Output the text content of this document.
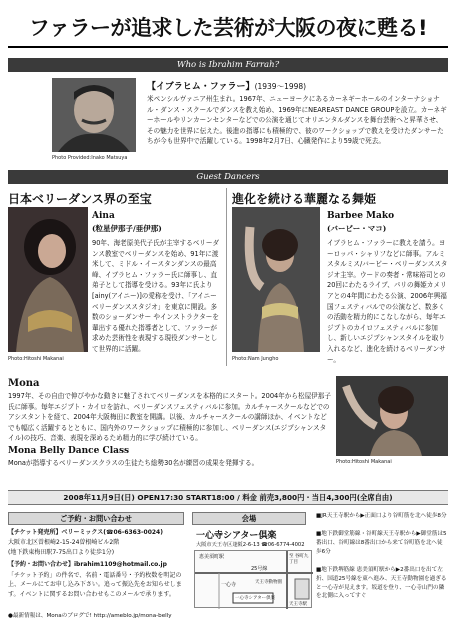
ファラーが追求した芸術が大阪の夜に甦る!
Who is Ibrahim Farrah?
Photo Provided:Inako Matsuya
【イブラヒム・ファラー】(1939〜1998)
米ペンシルヴァニア州生まれ。1967年、ニューヨークにあるカーネギーホールのインターナショナル・ダンス・スクールでダンスを教え始め、1969年にNEAREAST DANCE GROUPを設立。カーネギーホールやリンカーンセンターなどでの公演を通じてオリエンタルダンスを舞台芸術へと昇華させ、その魅力を世界に伝えた。後進の指導にも積極的で、彼のワークショップで教えを受けたダンサーたちが今も世界中で活躍している。1998年2月7日、心臓発作により59歳で死去。
Guest Dancers
日本ベリーダンス界の至宝
Photo:Hitoshi Makanai
Aina
(粒星伊那子/亜伊那)
90年、海老原美代子氏が主宰するベリーダンス教室でベリーダンスを始め、91年に渡米して、ミドル・イースタンダンスの最高峰、イブラヒム・ファラー氏に師事し、直弟子として指導を受ける。93年に氏より[ainy(アイニー)]の愛称を受け、「アイニーベリーダンススタジオ」を東京に開設。多数のショーダンサー やインストラクターを輩出する優れた指導者として、ファラーが求めた芸術性を表現する現役ダンサーとして世界的に活躍。
進化を続ける華麗なる舞姫
Photo:Nam Jungho
Barbee Mako
(バービー・マコ)
イブラヒム・ファラーに教えを請う。ヨーロッパ・シャリフなどに師事。アルミスタルミス/バービー・ベリーダンススタジオ主宰。ウードの奏者・常味裕司との20回にわたるライブ、パリの舞姫カメリアとの4年間にわたる公演、2006年興福国フェスティバルでの公演など、数多くの活動を精力的にこなしながら、毎年エジプトのカイロフェスティバルに参加し、新しいエジプシャンスタイルを取り入れるなど、進化を続けるベリーダンサー。
Mona
1997年、その自由で伸びやかな動きに魅了されてベリーダンスを本格的にスタート。2004年から松屋伊那子氏に師事。毎年エジプト・カイロを訪れ、ベリーダンスフェスティバルに参加。カルチャースクールなどでのアシスタントを経て、2004年大阪梅田に教室を開講。以後、カルチャースクールの講師ほか、イベントなどでも幅広く活躍するとともに、国内外のワークショップに積極的に参加し、ベリーダンス(エジプシャンスタイル)の技巧、音楽、表現を深めるため精力的に学び続けている。
Mona Belly Dance Class
Monaが指導するベリーダンスクラスの生徒たち総勢30名が練習の成果を発揮する。	Photo:Hitoshi Makanai
2008年11月9日(日) OPEN17:30 START18:00 / 料金 前売3,800円・当日4,300円(全席自由)
ご予約・お問い合わせ
【チケット発売所】ベリーミックス(☎06-6363-0024)
大阪市北区曽根崎2-15-24曽根崎ビル2階
(地下鉄東梅田駅7-75出口より徒歩1分)
【予約・お問い合わせ】ibrahim1109@hotmail.co.jp
「チケット予約」の件名で、名前・電話番号・予約枚数を明記の上、メールにてお申し込み下さい。追って振込先をお知らせします。イベントに関するお問い合わせもこのメールで承ります。
●最新情報は、Monaのブログで! http://ameblo.jp/mona-belly
会場
一心寺シアター倶楽
大阪市天王寺区逢阪2-6-13 ☎06-6774-4002
恵美須町駅
25号線
一心寺	天王寺動物園
一心寺シアター倶楽
天王寺駅
至 谷町九丁目
■JR天王寺駅から▶正面口より谷町筋を北へ徒歩8分
■地下鉄御堂筋線・谷町線天王寺駅から▶御堂筋は5番出口、谷町線は8番出口から来て谷町筋を北へ徒歩6分
■地下鉄堺筋線 恵美須町駅から▶2番出口を出て左折、国道25号線を東へ進み、天王寺動物園を過ぎると一心寺が見えます。坂道を登り、一心寺山門の隣を北側に入ってすぐ
